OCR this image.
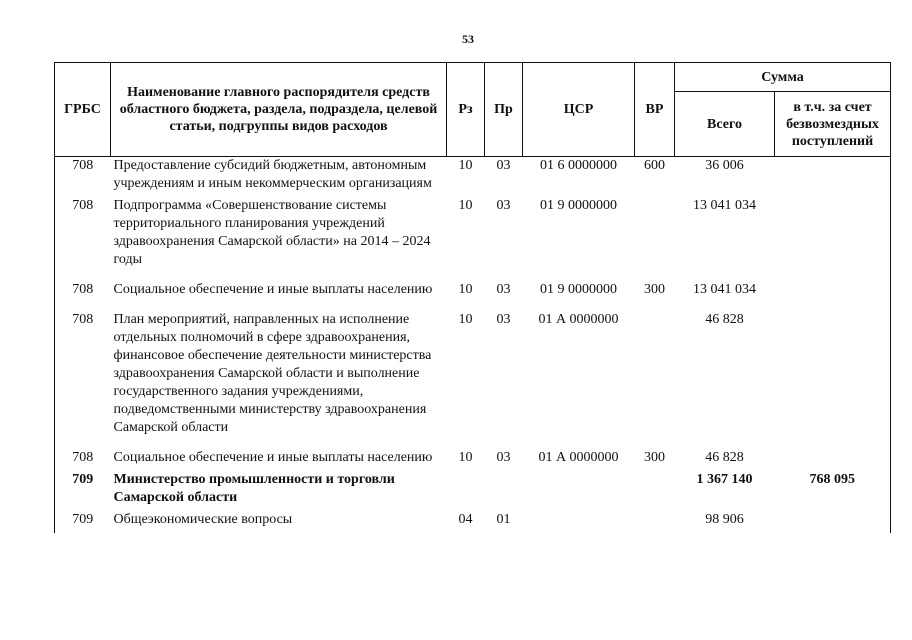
53
ГРБС	Наименование главного распорядителя средств областного бюджета, раздела, подраздела, целевой статьи, подгруппы видов расходов	Рз	Пр	ЦСР	ВР	Сумма	
						Всего	в т.ч. за счет безвозмездных поступлений
708	Предоставление субсидий бюджетным, автономным учреждениям и иным некоммерческим организациям	10	03	01 6 0000000	600	36 006	
708	Подпрограмма «Совершенствование системы территориального планирования учреждений здравоохранения Самарской области» на 2014 – 2024 годы	10	03	01 9 0000000		13 041 034	
708	Социальное обеспечение и иные выплаты населению	10	03	01 9 0000000	300	13 041 034	
708	План мероприятий, направленных на исполнение отдельных полномочий в сфере здравоохранения, финансовое обеспечение деятельности министерства здравоохранения Самарской области и выполнение государственного задания учреждениями, подведомственными министерству здравоохранения Самарской области	10	03	01 А 0000000		46 828	
708	Социальное обеспечение и иные выплаты населению	10	03	01 А 0000000	300	46 828	
709	Министерство промышленности и торговли Самарской области					1 367 140	768 095
709	Общеэкономические вопросы	04	01			98 906	
